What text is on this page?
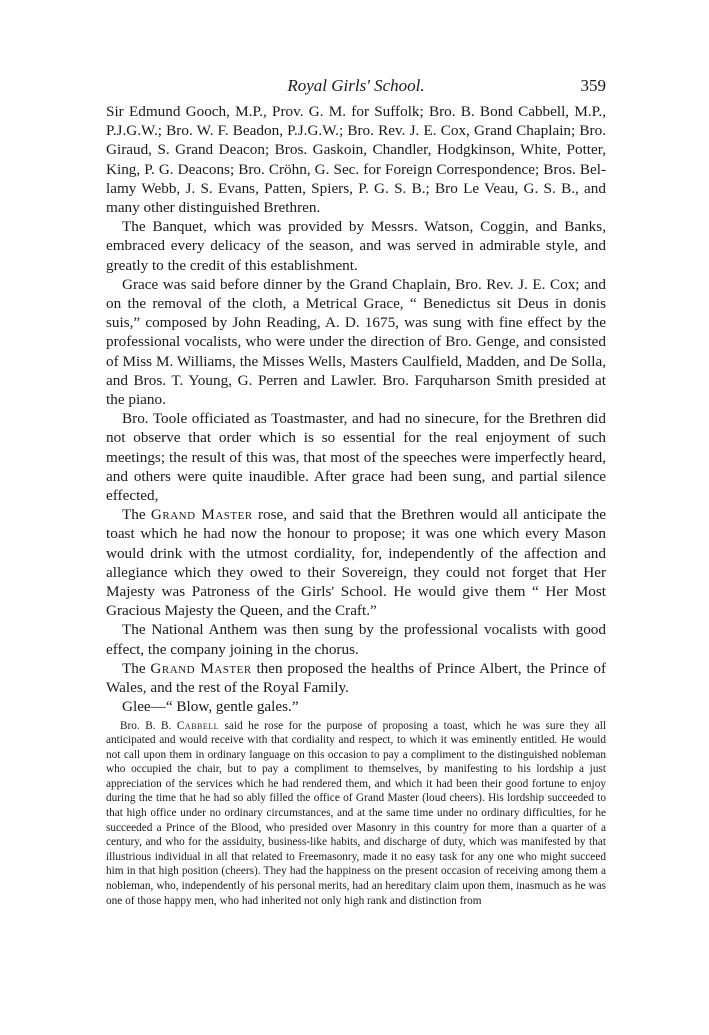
Royal Girls' School.	359

Sir Edmund Gooch, M.P., Prov. G. M. for Suffolk; Bro. B. Bond Cabbell, M.P., P.J.G.W.; Bro. W. F. Beadon, P.J.G.W.; Bro. Rev. J. E. Cox, Grand Chaplain; Bro. Giraud, S. Grand Deacon; Bros. Gaskoin, Chandler, Hodgkinson, White, Potter, King, P. G. Deacons; Bro. Cröhn, G. Sec. for Foreign Correspondence; Bros. Bellamy Webb, J. S. Evans, Patten, Spiers, P. G. S. B.; Bro Le Veau, G. S. B., and many other distinguished Brethren.

The Banquet, which was provided by Messrs. Watson, Coggin, and Banks, embraced every delicacy of the season, and was served in admirable style, and greatly to the credit of this establishment.

Grace was said before dinner by the Grand Chaplain, Bro. Rev. J. E. Cox; and on the removal of the cloth, a Metrical Grace, “ Benedictus sit Deus in donis suis,” composed by John Reading, A. D. 1675, was sung with fine effect by the professional vocalists, who were under the direction of Bro. Genge, and consisted of Miss M. Williams, the Misses Wells, Masters Caulfield, Madden, and De Solla, and Bros. T. Young, G. Perren and Lawler. Bro. Farquharson Smith presided at the piano.

Bro. Toole officiated as Toastmaster, and had no sinecure, for the Brethren did not observe that order which is so essential for the real enjoyment of such meetings; the result of this was, that most of the speeches were imperfectly heard, and others were quite inaudible. After grace had been sung, and partial silence effected,

The Grand Master rose, and said that the Brethren would all anticipate the toast which he had now the honour to propose; it was one which every Mason would drink with the utmost cordiality, for, independently of the affection and allegiance which they owed to their Sovereign, they could not forget that Her Majesty was Patroness of the Girls' School. He would give them “ Her Most Gracious Majesty the Queen, and the Craft.”

The National Anthem was then sung by the professional vocalists with good effect, the company joining in the chorus.

The Grand Master then proposed the healths of Prince Albert, the Prince of Wales, and the rest of the Royal Family.

Glee—“ Blow, gentle gales.”

Bro. B. B. Cabbell said he rose for the purpose of proposing a toast, which he was sure they all anticipated and would receive with that cordiality and respect, to which it was eminently entitled. He would not call upon them in ordinary language on this occasion to pay a compliment to the distinguished nobleman who occupied the chair, but to pay a compliment to themselves, by manifesting to his lordship a just appreciation of the services which he had rendered them, and which it had been their good fortune to enjoy during the time that he had so ably filled the office of Grand Master (loud cheers). His lordship succeeded to that high office under no ordinary circumstances, and at the same time under no ordinary difficulties, for he succeeded a Prince of the Blood, who presided over Masonry in this country for more than a quarter of a century, and who for the assiduity, business-like habits, and discharge of duty, which was manifested by that illustrious individual in all that related to Freemasonry, made it no easy task for any one who might succeed him in that high position (cheers). They had the happiness on the present occasion of receiving among them a nobleman, who, independently of his personal merits, had an hereditary claim upon them, inasmuch as he was one of those happy men, who had inherited not only high rank and distinction from
